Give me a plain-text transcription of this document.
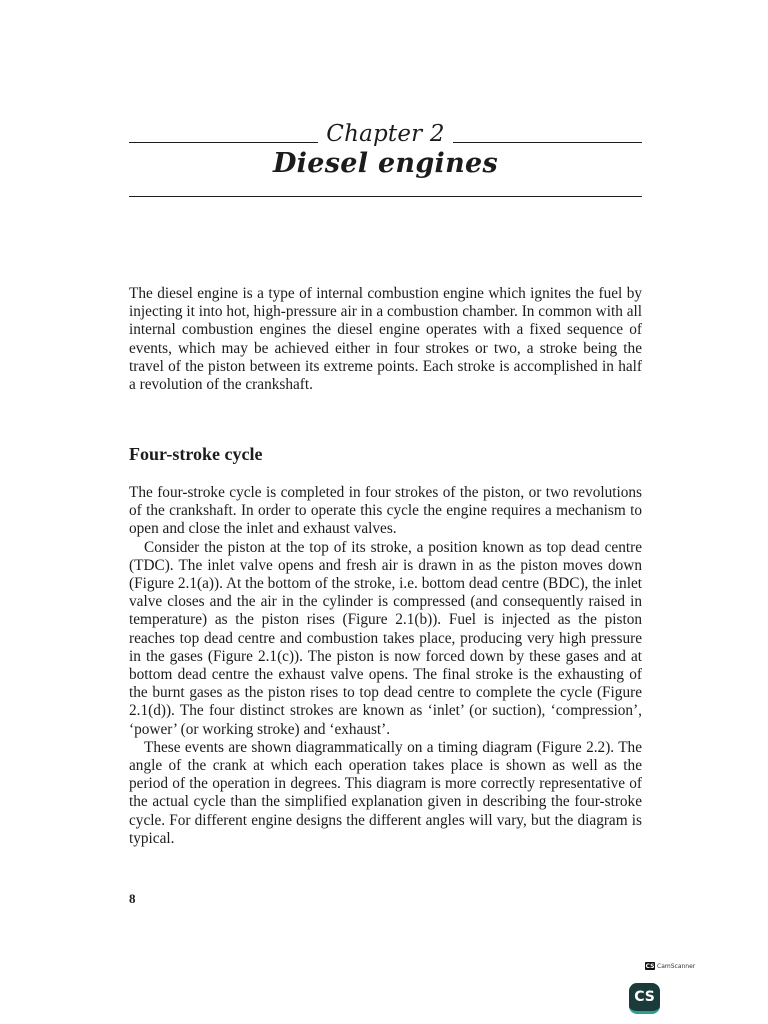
Chapter 2
Diesel engines

The diesel engine is a type of internal combustion engine which ignites the fuel by injecting it into hot, high-pressure air in a combustion chamber. In common with all internal combustion engines the diesel engine operates with a fixed sequence of events, which may be achieved either in four strokes or two, a stroke being the travel of the piston between its extreme points. Each stroke is accomplished in half a revolution of the crankshaft.

Four-stroke cycle

The four-stroke cycle is completed in four strokes of the piston, or two revolutions of the crankshaft. In order to operate this cycle the engine requires a mechanism to open and close the inlet and exhaust valves.

Consider the piston at the top of its stroke, a position known as top dead centre (TDC). The inlet valve opens and fresh air is drawn in as the piston moves down (Figure 2.1(a)). At the bottom of the stroke, i.e. bottom dead centre (BDC), the inlet valve closes and the air in the cylinder is compressed (and consequently raised in temperature) as the piston rises (Figure 2.1(b)). Fuel is injected as the piston reaches top dead centre and combustion takes place, producing very high pressure in the gases (Figure 2.1(c)). The piston is now forced down by these gases and at bottom dead centre the exhaust valve opens. The final stroke is the exhausting of the burnt gases as the piston rises to top dead centre to complete the cycle (Figure 2.1(d)). The four distinct strokes are known as ‘inlet’ (or suction), ‘compression’, ‘power’ (or working stroke) and ‘exhaust’.

These events are shown diagrammatically on a timing diagram (Figure 2.2). The angle of the crank at which each operation takes place is shown as well as the period of the operation in degrees. This diagram is more correctly representative of the actual cycle than the simplified explanation given in describing the four-stroke cycle. For different engine designs the different angles will vary, but the diagram is typical.

8
CS CamScanner
CS
